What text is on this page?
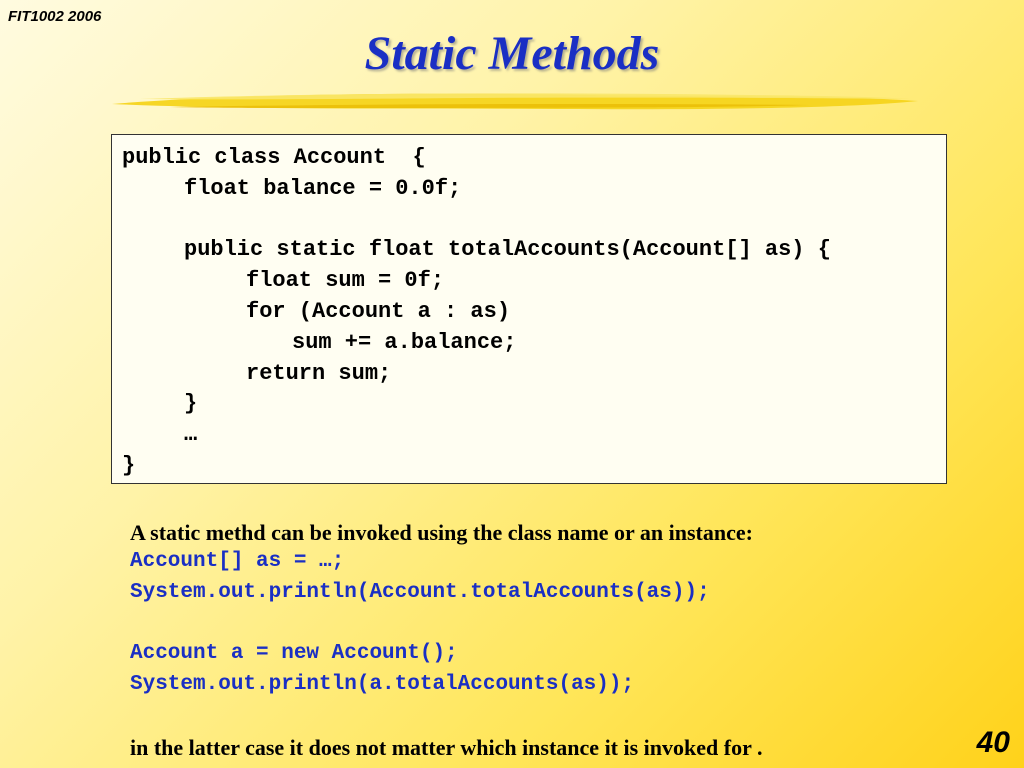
FIT1002 2006
Static Methods
public class Account  {
float balance = 0.0f;
public static float totalAccounts(Account[] as) {
float sum = 0f;
for (Account a : as)
sum += a.balance;
return sum;
}
…
}
A static methd can be invoked using the class name or an instance:
Account[] as = …;
System.out.println(Account.totalAccounts(as));
Account a = new Account();
System.out.println(a.totalAccounts(as));
in the latter case it does not matter which instance it is invoked for .	40
